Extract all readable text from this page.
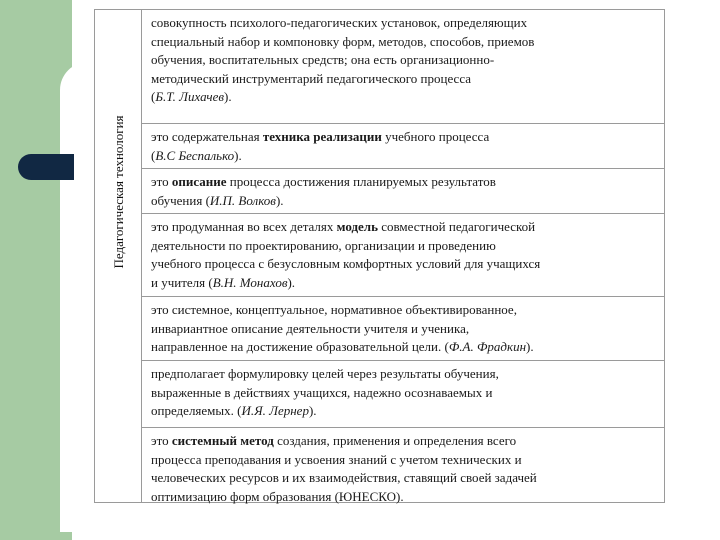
Педагогическая технология
совокупность психолого-педагогических установок, определяющих
специальный набор и компоновку форм, методов, способов, приемов
обучения, воспитательных средств; она есть организационно-
методический инструментарий педагогического процесса
(Б.Т. Лихачев).
это содержательная техника реализации учебного процесса
(В.С Беспалько).
это описание процесса достижения планируемых результатов
обучения (И.П. Волков).
это продуманная во всех деталях модель совместной педагогической
деятельности по проектированию, организации и проведению
учебного процесса с безусловным комфортных условий для учащихся
и учителя (В.Н. Монахов).
это системное, концептуальное, нормативное объективированное,
инвариантное описание деятельности учителя и ученика,
направленное на достижение образовательной цели. (Ф.А. Фрадкин).
предполагает формулировку целей через результаты обучения,
выраженные в действиях учащихся, надежно осознаваемых и
определяемых. (И.Я. Лернер).
это системный метод создания, применения и определения всего
процесса преподавания и усвоения знаний с учетом технических и
человеческих ресурсов и их взаимодействия, ставящий своей задачей
оптимизацию форм образования (ЮНЕСКО).
